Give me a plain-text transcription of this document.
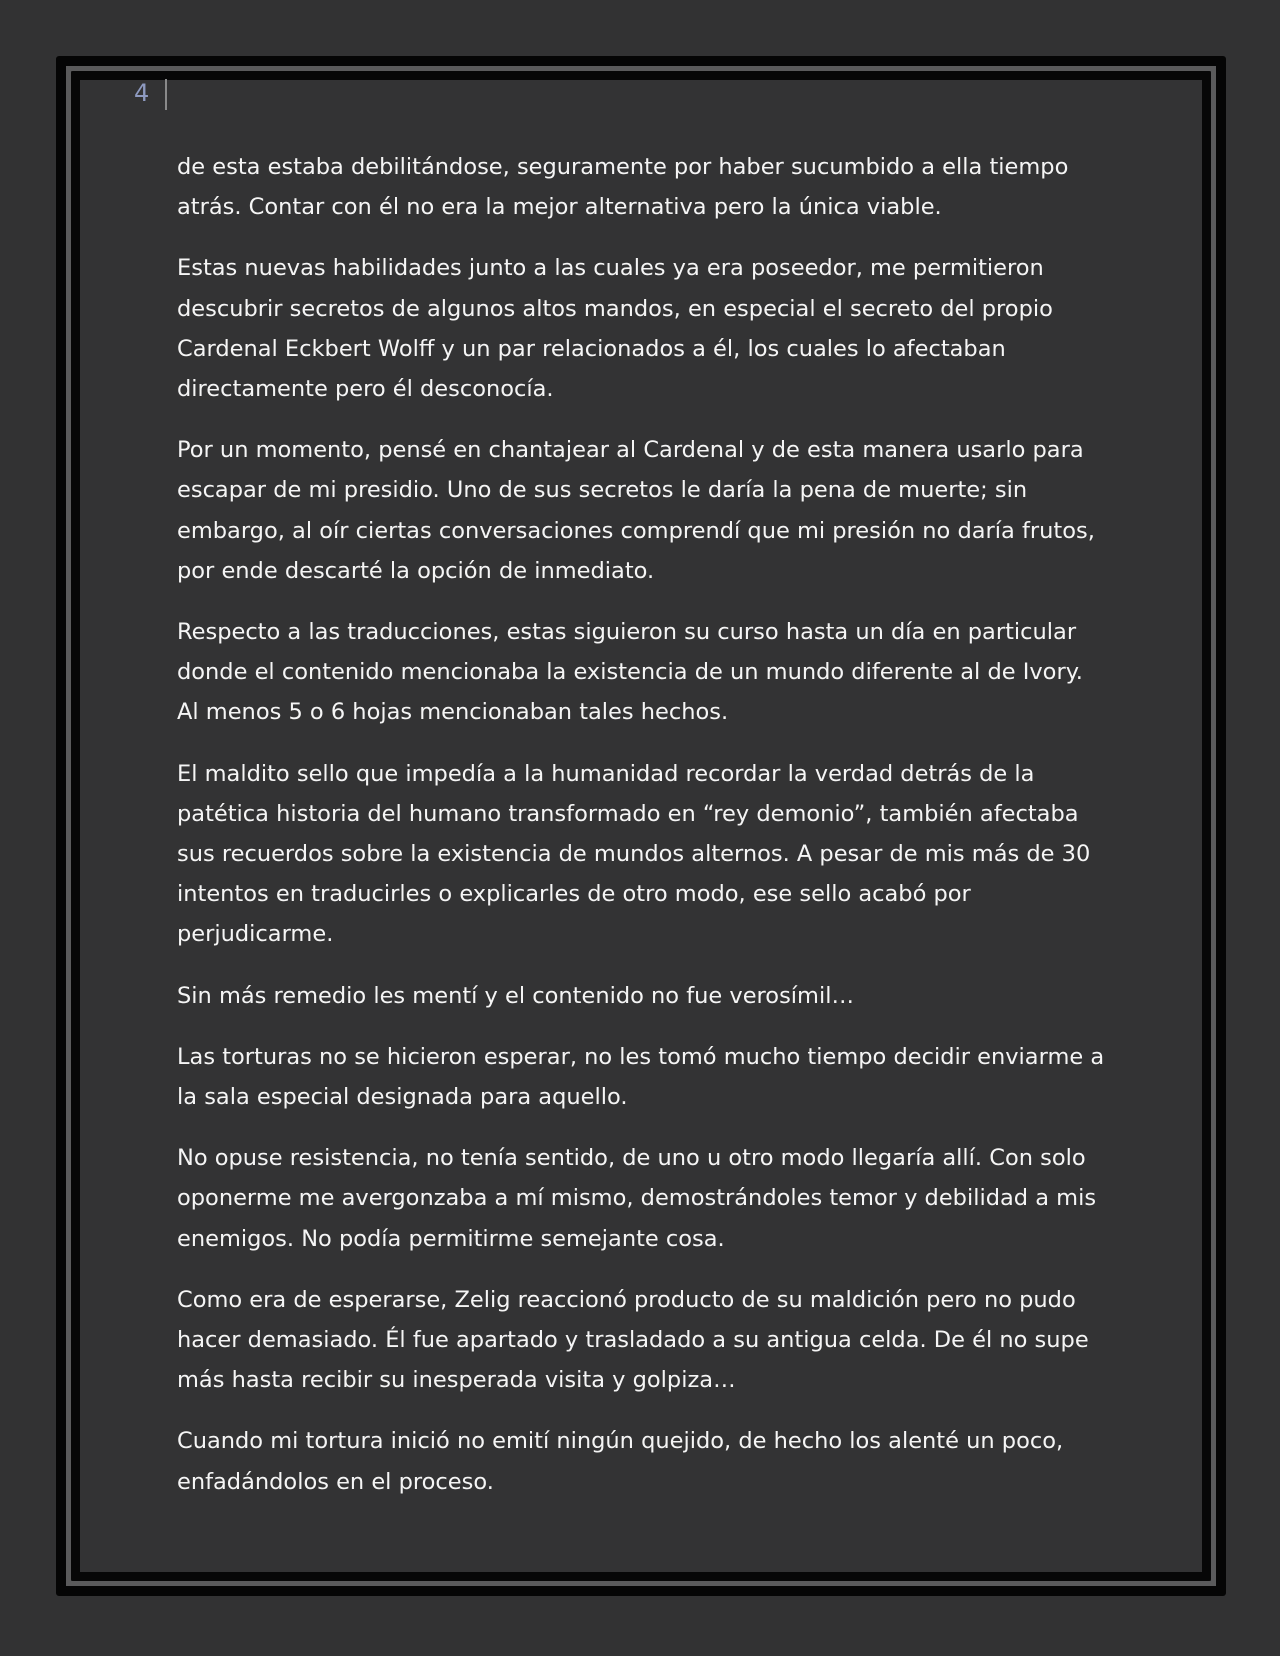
4

de esta estaba debilitándose, seguramente por haber sucumbido a ella tiempo atrás. Contar con él no era la mejor alternativa pero la única viable.

Estas nuevas habilidades junto a las cuales ya era poseedor, me permitieron descubrir secretos de algunos altos mandos, en especial el secreto del propio Cardenal Eckbert Wolff y un par relacionados a él, los cuales lo afectaban directamente pero él desconocía.

Por un momento, pensé en chantajear al Cardenal y de esta manera usarlo para escapar de mi presidio. Uno de sus secretos le daría la pena de muerte; sin embargo, al oír ciertas conversaciones comprendí que mi presión no daría frutos, por ende descarté la opción de inmediato.

Respecto a las traducciones, estas siguieron su curso hasta un día en particular donde el contenido mencionaba la existencia de un mundo diferente al de Ivory. Al menos 5 o 6 hojas mencionaban tales hechos.

El maldito sello que impedía a la humanidad recordar la verdad detrás de la patética historia del humano transformado en “rey demonio”, también afectaba sus recuerdos sobre la existencia de mundos alternos. A pesar de mis más de 30 intentos en traducirles o explicarles de otro modo, ese sello acabó por perjudicarme.

Sin más remedio les mentí y el contenido no fue verosímil…

Las torturas no se hicieron esperar, no les tomó mucho tiempo decidir enviarme a la sala especial designada para aquello.

No opuse resistencia, no tenía sentido, de uno u otro modo llegaría allí. Con solo oponerme me avergonzaba a mí mismo, demostrándoles temor y debilidad a mis enemigos. No podía permitirme semejante cosa.

Como era de esperarse, Zelig reaccionó producto de su maldición pero no pudo hacer demasiado. Él fue apartado y trasladado a su antigua celda. De él no supe más hasta recibir su inesperada visita y golpiza…

Cuando mi tortura inició no emití ningún quejido, de hecho los alenté un poco, enfadándolos en el proceso.
